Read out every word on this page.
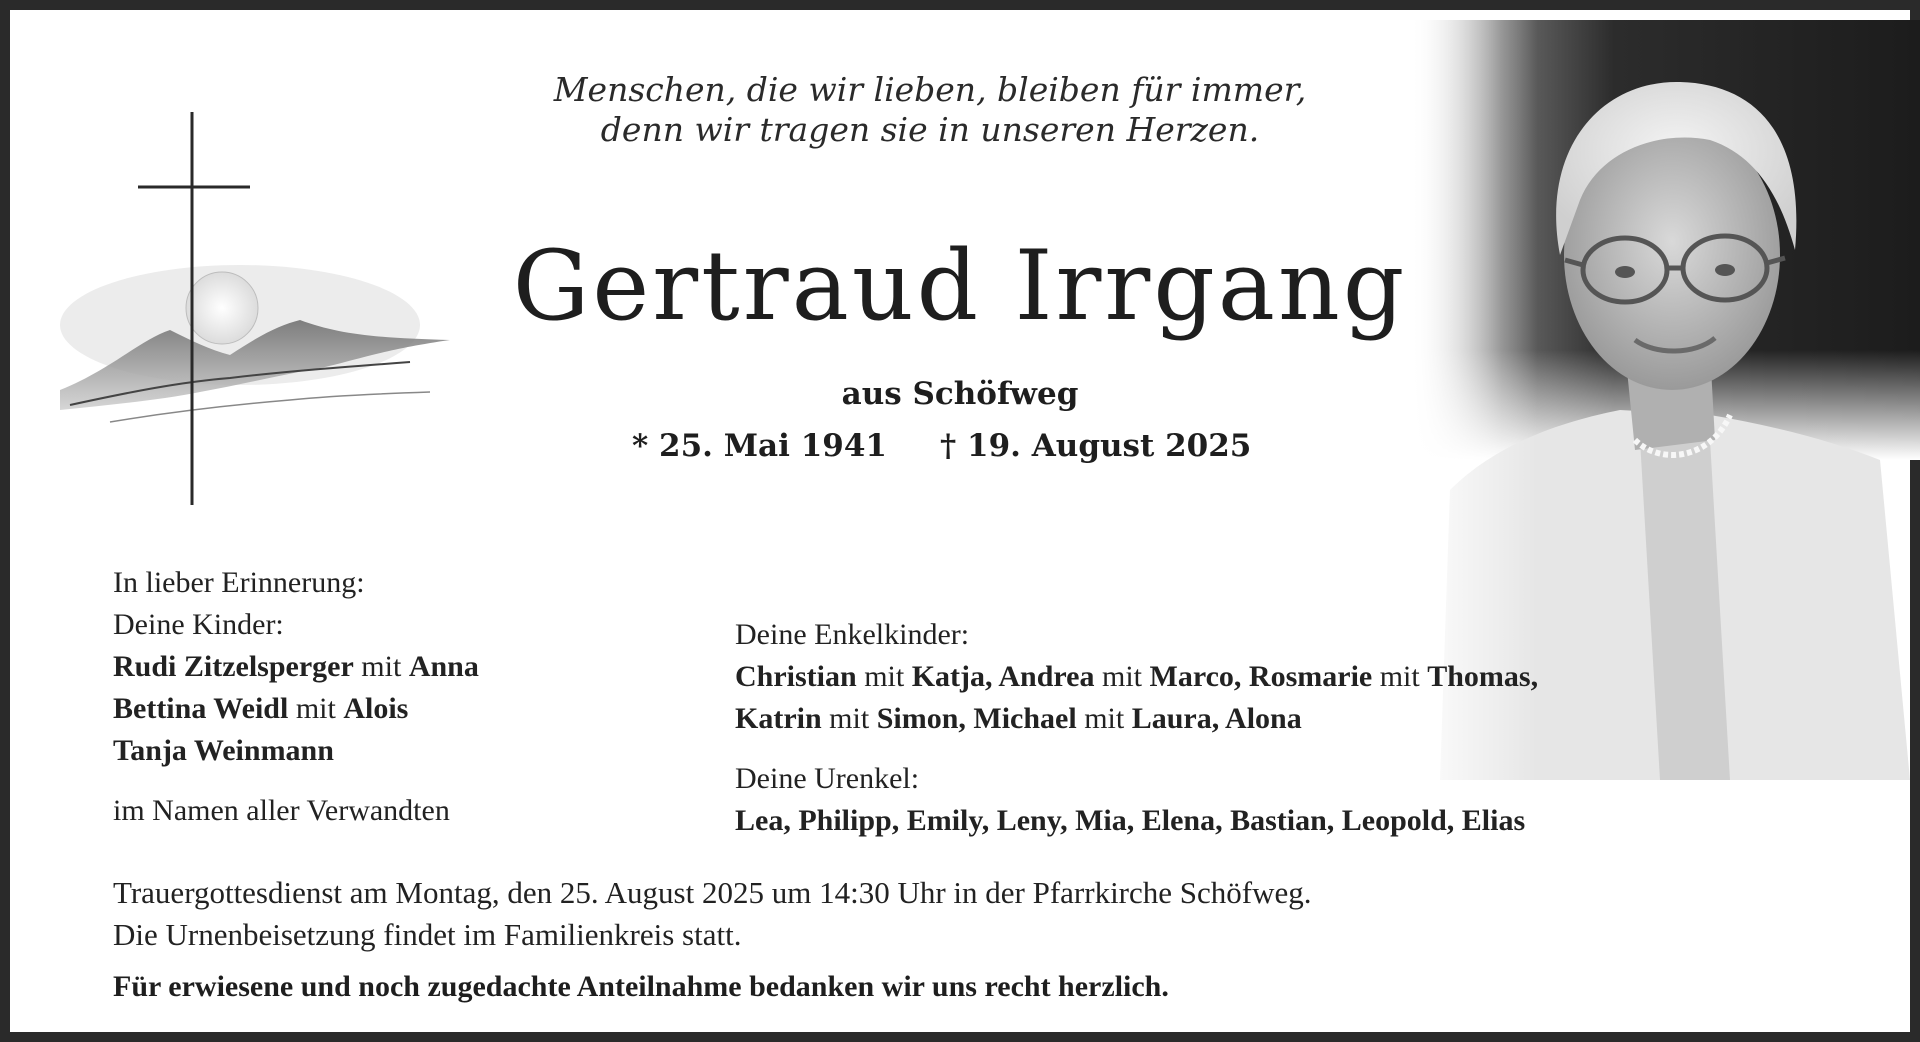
Menschen, die wir lieben, bleiben für immer,
denn wir tragen sie in unseren Herzen.
Gertraud Irrgang
aus Schöfweg
* 25. Mai 1941 † 19. August 2025
In lieber Erinnerung:
Deine Kinder:
Rudi Zitzelsperger mit Anna
Bettina Weidl mit Alois
Tanja Weinmann
im Namen aller Verwandten
Deine Enkelkinder:
Christian mit Katja, Andrea mit Marco, Rosmarie mit Thomas,
Katrin mit Simon, Michael mit Laura, Alona
Deine Urenkel:
Lea, Philipp, Emily, Leny, Mia, Elena, Bastian, Leopold, Elias
Trauergottesdienst am Montag, den 25. August 2025 um 14:30 Uhr in der Pfarrkirche Schöfweg.
Die Urnenbeisetzung findet im Familienkreis statt.
Für erwiesene und noch zugedachte Anteilnahme bedanken wir uns recht herzlich.
